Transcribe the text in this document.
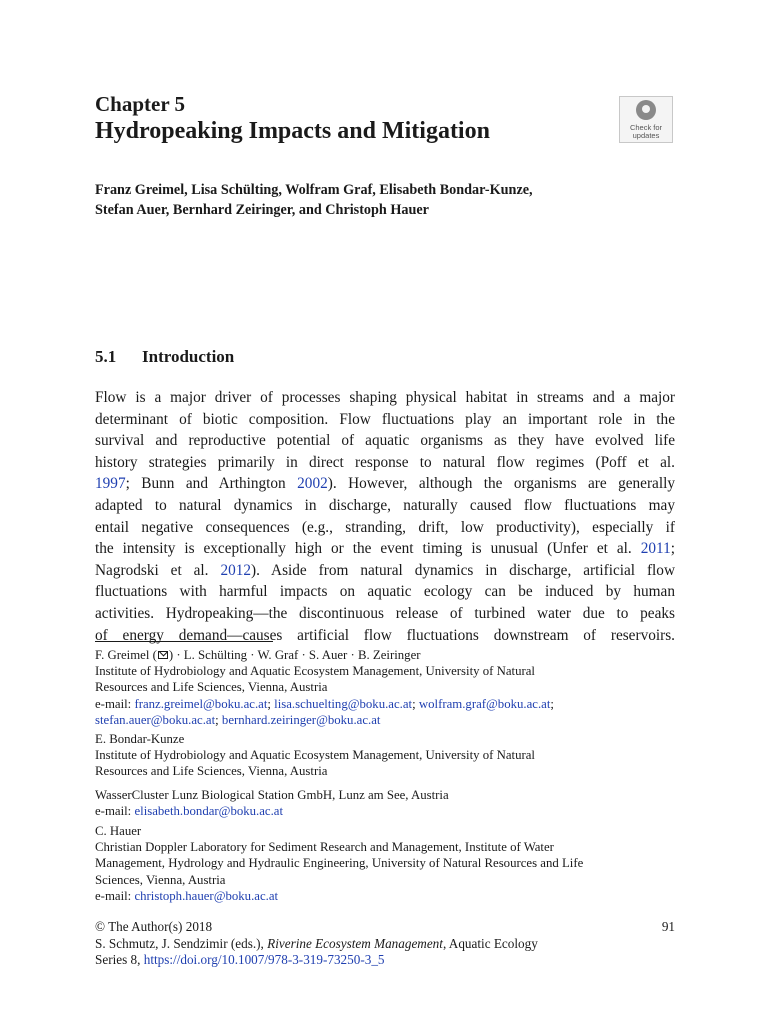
Chapter 5
Hydropeaking Impacts and Mitigation	Check for
updates
Franz Greimel, Lisa Schülting, Wolfram Graf, Elisabeth Bondar-Kunze,
Stefan Auer, Bernhard Zeiringer, and Christoph Hauer
5.1 Introduction
Flow is a major driver of processes shaping physical habitat in streams and a major
determinant of biotic composition. Flow fluctuations play an important role in the
survival and reproductive potential of aquatic organisms as they have evolved life
history strategies primarily in direct response to natural flow regimes (Poff et al.
1997; Bunn and Arthington 2002). However, although the organisms are generally
adapted to natural dynamics in discharge, naturally caused flow fluctuations may
entail negative consequences (e.g., stranding, drift, low productivity), especially if
the intensity is exceptionally high or the event timing is unusual (Unfer et al. 2011;
Nagrodski et al. 2012). Aside from natural dynamics in discharge, artificial flow
fluctuations with harmful impacts on aquatic ecology can be induced by human
activities. Hydropeaking—the discontinuous release of turbined water due to peaks
of energy demand—causes artificial flow fluctuations downstream of reservoirs.
F. Greimel ( ) · L. Schülting · W. Graf · S. Auer · B. Zeiringer
Institute of Hydrobiology and Aquatic Ecosystem Management, University of Natural
Resources and Life Sciences, Vienna, Austria
e-mail: franz.greimel@boku.ac.at; lisa.schuelting@boku.ac.at; wolfram.graf@boku.ac.at;
stefan.auer@boku.ac.at; bernhard.zeiringer@boku.ac.at
E. Bondar-Kunze
Institute of Hydrobiology and Aquatic Ecosystem Management, University of Natural
Resources and Life Sciences, Vienna, Austria
WasserCluster Lunz Biological Station GmbH, Lunz am See, Austria
e-mail: elisabeth.bondar@boku.ac.at
C. Hauer
Christian Doppler Laboratory for Sediment Research and Management, Institute of Water
Management, Hydrology and Hydraulic Engineering, University of Natural Resources and Life
Sciences, Vienna, Austria
e-mail: christoph.hauer@boku.ac.at
© The Author(s) 2018	91
S. Schmutz, J. Sendzimir (eds.), Riverine Ecosystem Management, Aquatic Ecology
Series 8, https://doi.org/10.1007/978-3-319-73250-3_5
